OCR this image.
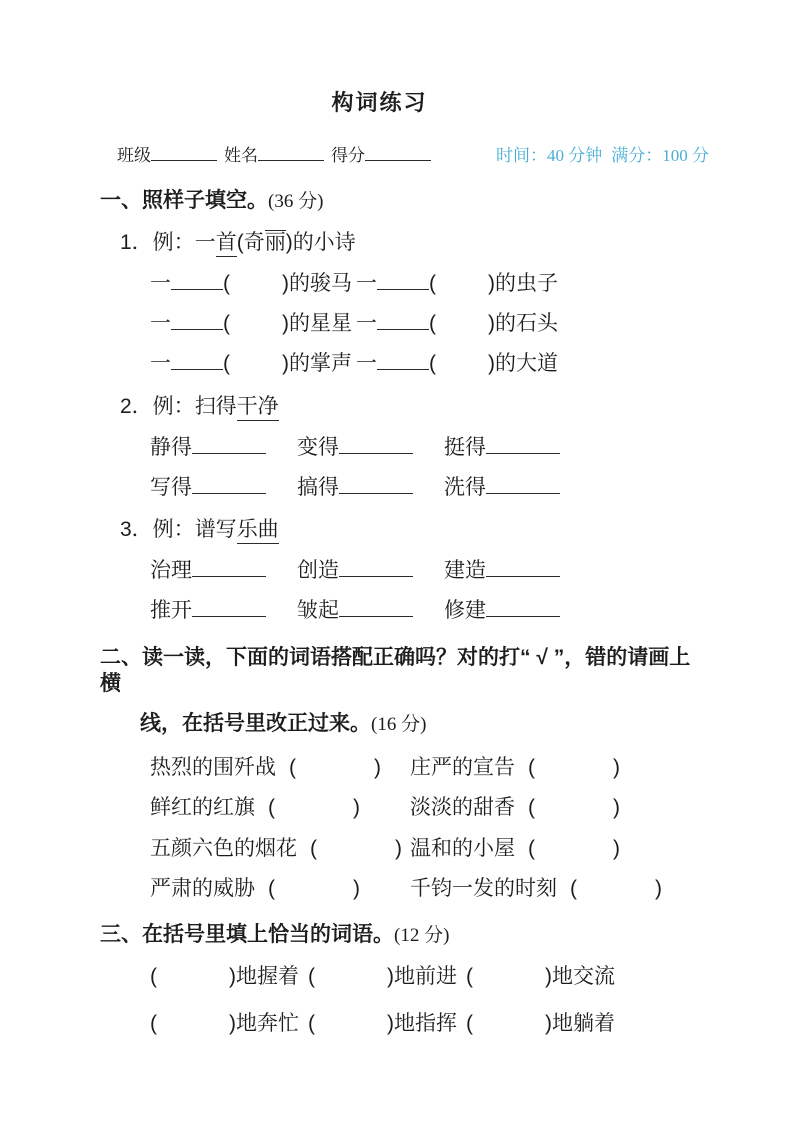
构词练习
班级	姓名	得分	时间：40 分钟 满分：100 分
一、照样子填空。(36 分)
1．例：一首(奇丽)的小诗
一 ( ) 的骏马 一 ( ) 的虫子
一 ( ) 的星星 一 ( ) 的石头
一 ( ) 的掌声 一 ( ) 的大道
2．例：扫得干净
静得	变得	挺得
写得	搞得	洗得
3．例：谱写乐曲
治理	创造	建造
推开	皱起	修建
二、读一读，下面的词语搭配正确吗？对的打“ √ ”，错的请画上横
线，在括号里改正过来。(16 分)
热烈的围歼战 (	) 庄严的宣告 (	)
鲜红的红旗 (	) 淡淡的甜香 (	)
五颜六色的烟花 (	) 温和的小屋 (	)
严肃的威胁 (	) 千钧一发的时刻 (	)
三、在括号里填上恰当的词语。(12 分)
(	) 地握着 (	) 地前进 (	) 地交流
(	) 地奔忙 (	) 地指挥 (	) 地躺着
